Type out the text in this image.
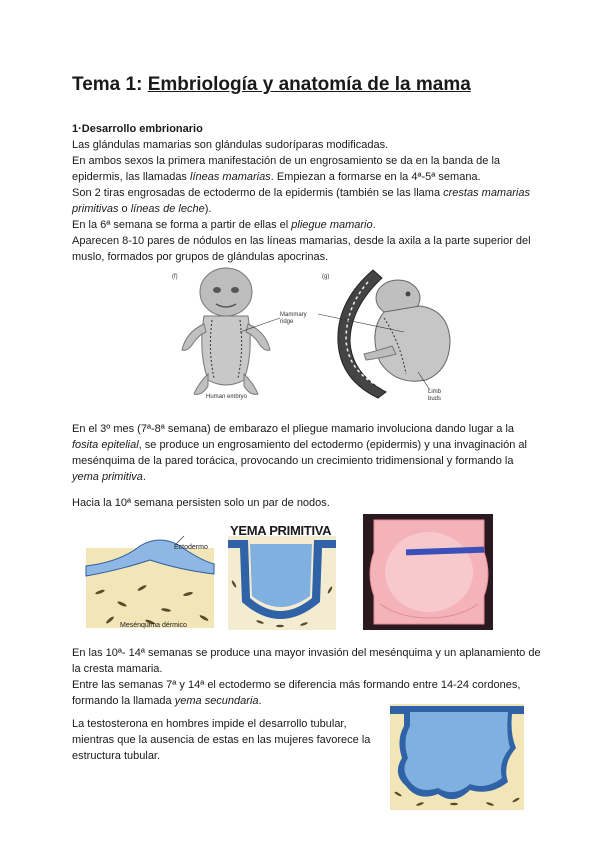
Tema 1: Embriología y anatomía de la mama
1·Desarrollo embrionario
Las glándulas mamarias son glándulas sudoríparas modificadas.
En ambos sexos la primera manifestación de un engrosamiento se da en la banda de la
epidermis, las llamadas líneas mamarias. Empiezan a formarse en la 4ª-5ª semana.
Son 2 tiras engrosadas de ectodermo de la epidermis (también se las llama crestas mamarias primitivas o líneas de leche).
En la 6ª semana se forma a partir de ellas el pliegue mamario.
Aparecen 8-10 pares de nódulos en las líneas mamarias, desde la axila a la parte superior del muslo, formados por grupos de glándulas apocrinas.
(f)	(g)
Mammary
ridge
Human embryo
Limb
buds
En el 3º mes (7ª-8ª semana) de embarazo el pliegue mamario involuciona dando lugar a la fosita epitelial, se produce un engrosamiento del ectodermo (epidermis) y una invaginación al mesénquima de la pared torácica, provocando un crecimiento tridimensional y formando la yema primitiva.
Hacia la 10ª semana persisten solo un par de nodos.
Ectodermo
Mesénquima dérmico
YEMA PRIMITIVA
En las 10ª- 14ª semanas se produce una mayor invasión del mesénquima y un aplanamiento de la cresta mamaria.
Entre las semanas 7ª y 14ª el ectodermo se diferencia más formando entre 14-24 cordones, formando la llamada yema secundaria.
La testosterona en hombres impide el desarrollo tubular, mientras que la ausencia de estas en las mujeres favorece la estructura tubular.
